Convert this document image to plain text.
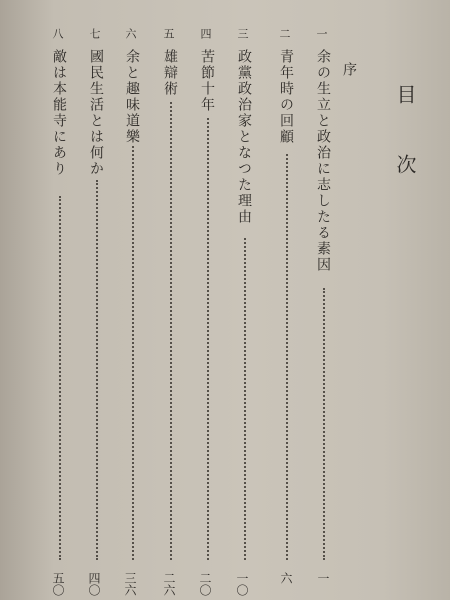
目
次
序
一
余の生立と政治に志したる素因
一
二
青年時の回顧
六
三
政黨政治家となつた理由
一〇
四
苦節十年
二〇
五
雄辯術
二六
六
余と趣味道樂
三六
七
國民生活とは何か
四〇
八
敵は本能寺にあり
五〇
